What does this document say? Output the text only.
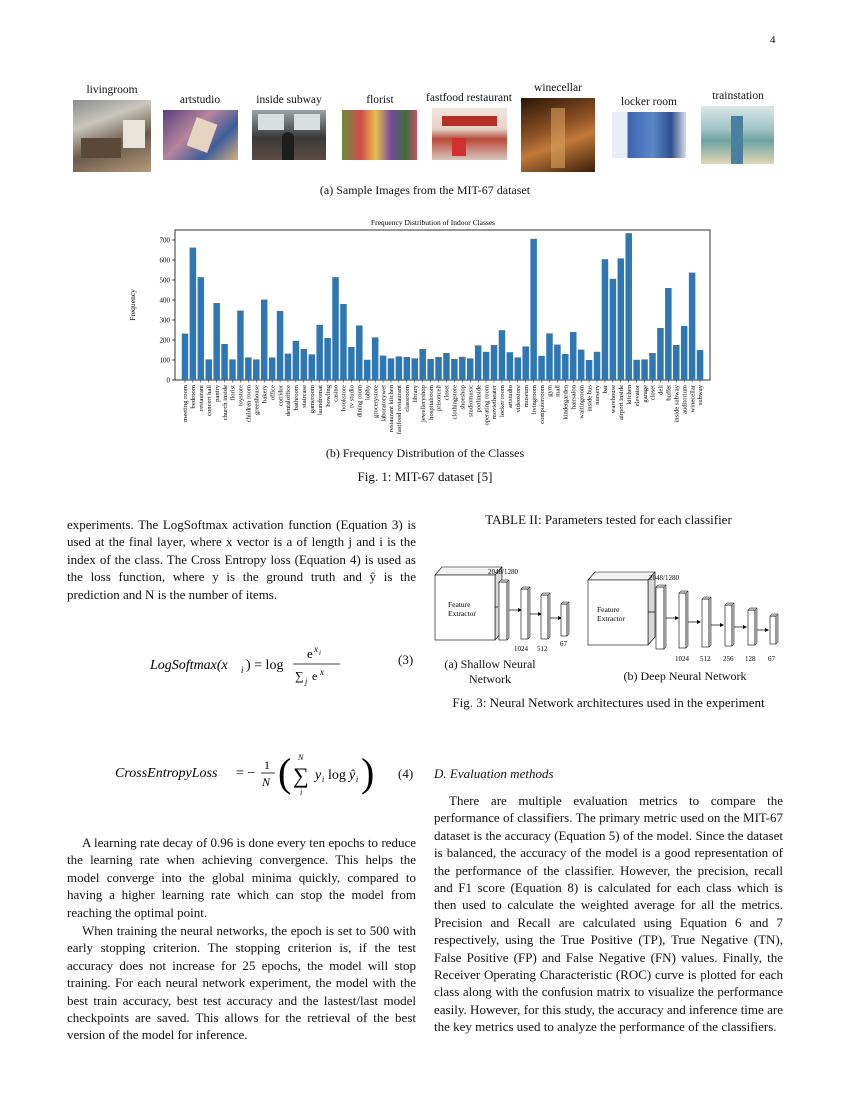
4
livingroom
artstudio	inside subway	florist	fastfood restaurant
winecellar
locker room	trainstation
(a) Sample Images from the MIT-67 dataset
Frequency Distribution of Indoor Classes
Frequency
0
100
200
300
400
500
600
700
meeting room bedroom restaurant concert hall pantry church inside florist toystore children room greenhouse bakery office corridor dentaloffice bathroom staircase gameroom laundromat bowling casino bookstore tv studio dining room lobby grocerystore laboratorywet restaurant kitchen fastfood restaurant classroom library jewelleryshop hospitalroom prisoncell closet clothingstore shoeshop studiomusic poolinside operating room movietheater locker room artstudio videostore museum livingroom computerroom gym mall kindergarden hairsalon waitingroom inside bus nursery bar warehouse airport inside kitchen elevator garage closet deli buffet inside subway auditorium winecellar subway
(b) Frequency Distribution of the Classes
Fig. 1: MIT-67 dataset [5]

experiments. The LogSoftmax activation function (Equation 3) is used at the final layer, where x vector is a of length j and i is the index of the class. The Cross Entropy loss (Equation 4) is used as the loss function, where y is the ground truth and ŷ is the prediction and N is the number of items.

LogSoftmax(x i ) = log
e x i
∑ j e x
(3)
CrossEntropyLoss = −
1
N ( N
∑
i
y i log ŷ i ) (4)

A learning rate decay of 0.96 is done every ten epochs to reduce the learning rate when achieving convergence. This helps the model converge into the global minima quickly, compared to having a higher learning rate which can stop the model from reaching the optimal point.

When training the neural networks, the epoch is set to 500 with early stopping criterion. The stopping criterion is, if the test accuracy does not increase for 25 epochs, the model will stop training. For each neural network experiment, the model with the best train accuracy, best test accuracy and the lastest/last model checkpoints are saved. This allows for the retrieval of the best version of the model for inference.

TABLE II: Parameters tested for each classifier
Feature
Extractor
2048/1280
1024 512
67
(a) Shallow Neural
Network
Feature
Extractor
2048/1280
1024 512 256 128 67
(b) Deep Neural Network
Fig. 3: Neural Network architectures used in the experiment
D. Evaluation methods

There are multiple evaluation metrics to compare the performance of classifiers. The primary metric used on the MIT-67 dataset is the accuracy (Equation 5) of the model. Since the dataset is balanced, the accuracy of the model is a good representation of the performance of the classifier. However, the precision, recall and F1 score (Equation 8) is calculated for each class which is then used to calculate the weighted average for all the metrics. Precision and Recall are calculated using Equation 6 and 7 respectively, using the True Positive (TP), True Negative (TN), False Positive (FP) and False Negative (FN) values. Finally, the Receiver Operating Characteristic (ROC) curve is plotted for each class along with the confusion matrix to visualize the performance easily. However, for this study, the accuracy and inference time are the key metrics used to analyze the performance of the classifiers.
